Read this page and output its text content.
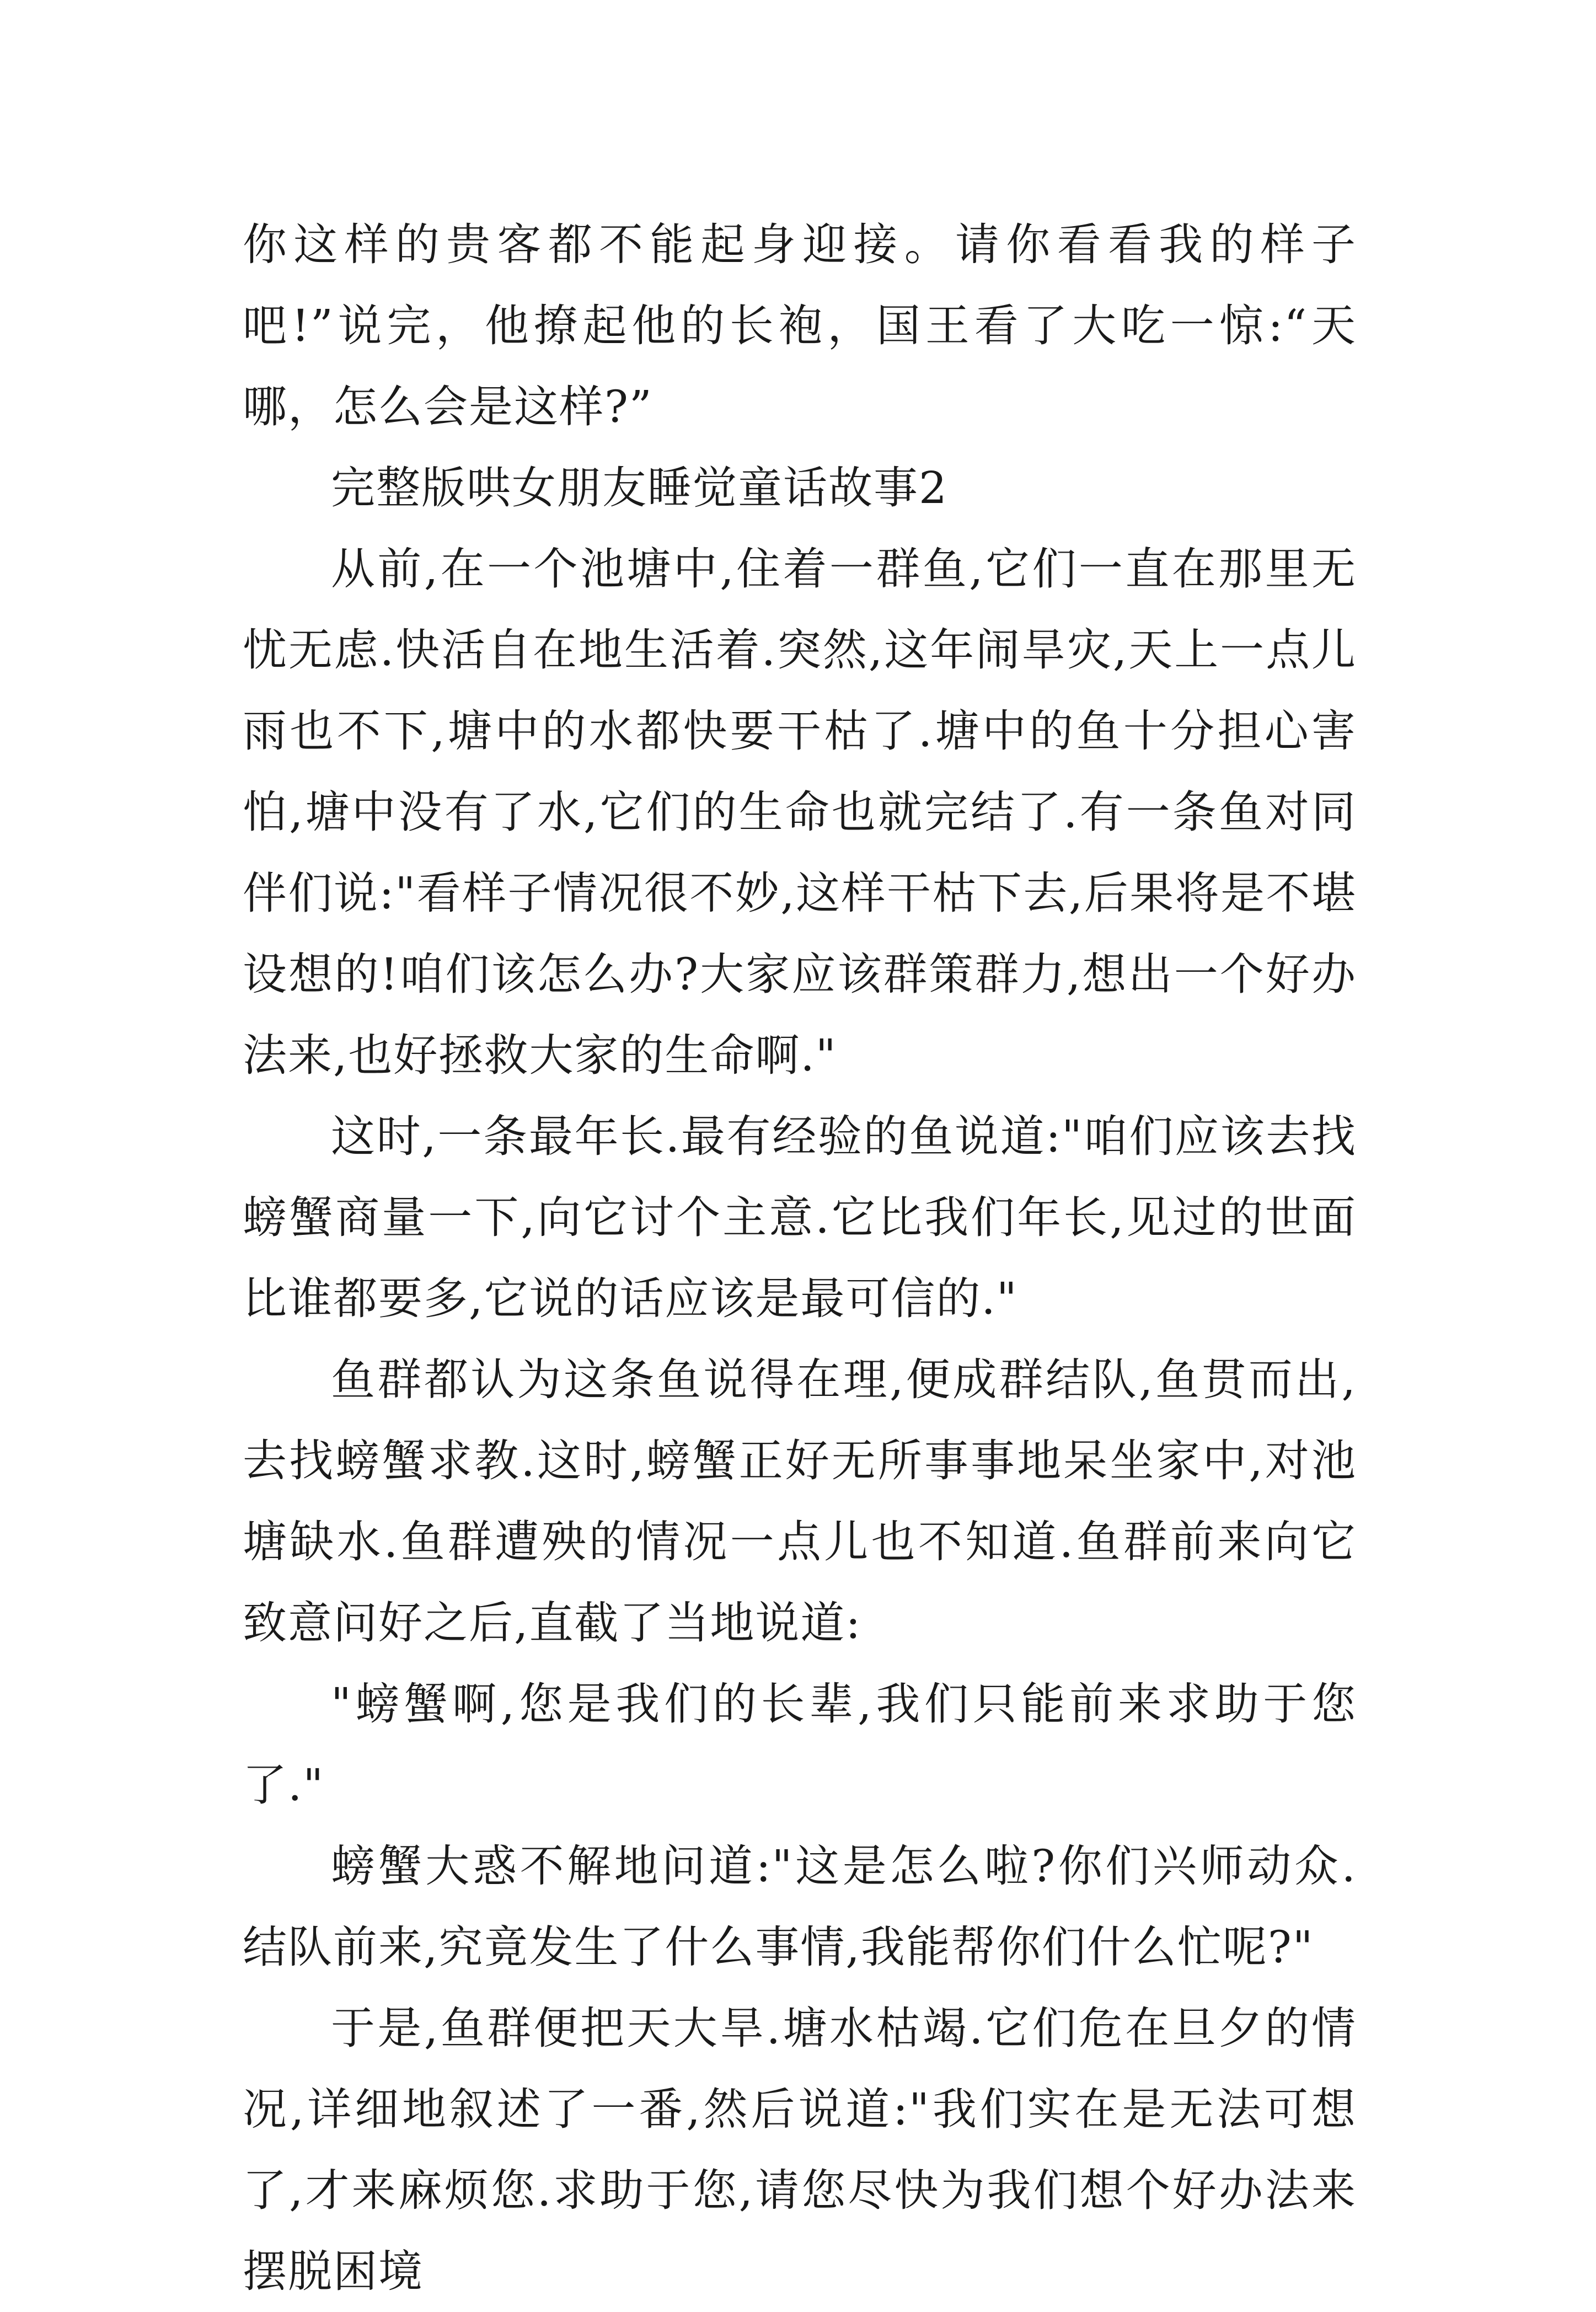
你这样的贵客都不能起身迎接。请你看看我的样子吧!”说完，他撩起他的长袍，国王看了大吃一惊:“天哪，怎么会是这样?”

完整版哄女朋友睡觉童话故事2

从前,在一个池塘中,住着一群鱼,它们一直在那里无忧无虑.快活自在地生活着.突然,这年闹旱灾,天上一点儿雨也不下,塘中的水都快要干枯了.塘中的鱼十分担心害怕,塘中没有了水,它们的生命也就完结了.有一条鱼对同伴们说:"看样子情况很不妙,这样干枯下去,后果将是不堪设想的!咱们该怎么办?大家应该群策群力,想出一个好办法来,也好拯救大家的生命啊."

这时,一条最年长.最有经验的鱼说道:"咱们应该去找螃蟹商量一下,向它讨个主意.它比我们年长,见过的世面比谁都要多,它说的话应该是最可信的."

鱼群都认为这条鱼说得在理,便成群结队,鱼贯而出,去找螃蟹求教.这时,螃蟹正好无所事事地呆坐家中,对池塘缺水.鱼群遭殃的情况一点儿也不知道.鱼群前来向它致意问好之后,直截了当地说道:

"螃蟹啊,您是我们的长辈,我们只能前来求助于您了."

螃蟹大惑不解地问道:"这是怎么啦?你们兴师动众.结队前来,究竟发生了什么事情,我能帮你们什么忙呢?"

于是,鱼群便把天大旱.塘水枯竭.它们危在旦夕的情况,详细地叙述了一番,然后说道:"我们实在是无法可想了,才来麻烦您.求助于您,请您尽快为我们想个好办法来摆脱困境
